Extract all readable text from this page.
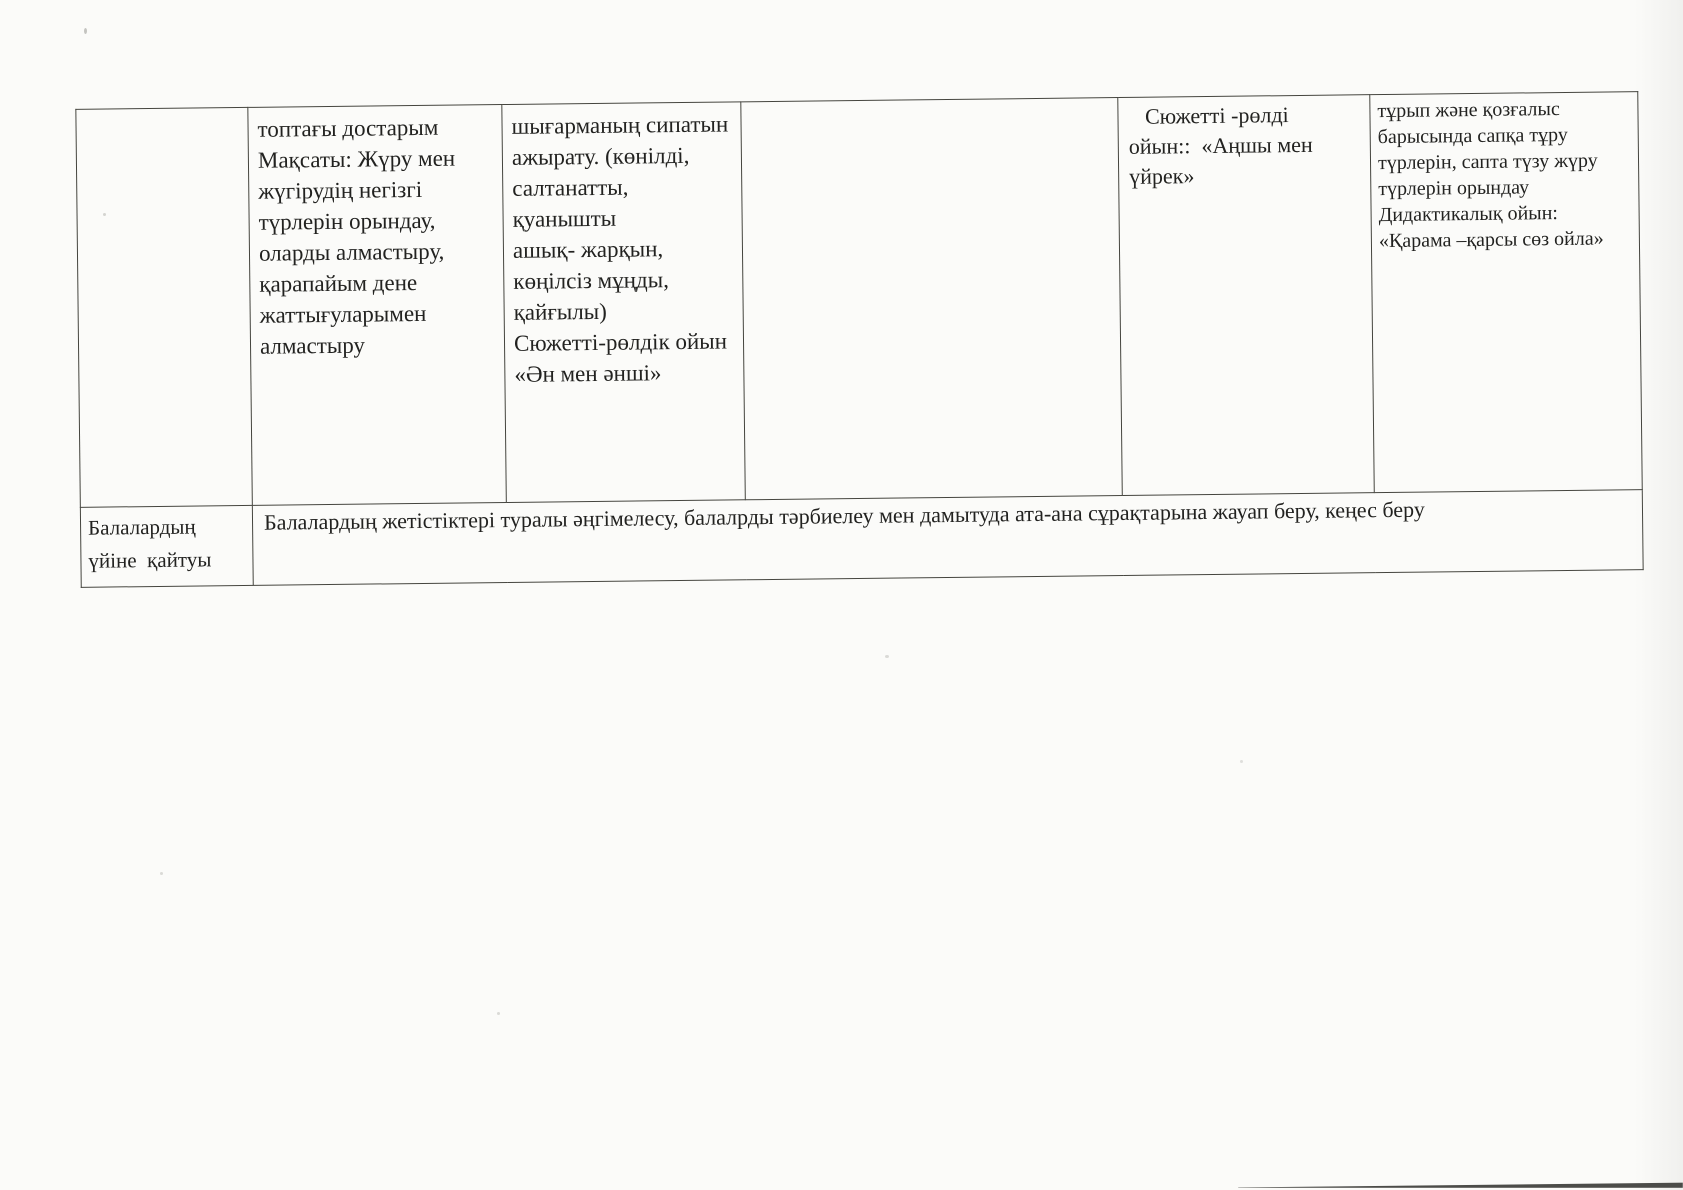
	топтағы достарым
Мақсаты: Жүру мен
жүгірудің негізгі
түрлерін орындау,
оларды алмастыру,
қарапайым дене
жаттығуларымен
алмастыру	шығарманың сипатын
ажырату. (көнілді,
салтанатты, қуанышты
ашық- жарқын,
көңілсіз мұңды,
қайғылы)
Сюжетті-рөлдік ойын
«Ән мен әнші»		Сюжетті -рөлді
ойын::  «Аңшы мен
үйрек»	тұрып және қозғалыс
барысында сапқа тұру
түрлерін, сапта түзу жүру
түрлерін орындау
Дидактикалық ойын:
«Қарама –қарсы сөз ойла»
Балалардың
үйіне  қайтуы	Балалардың жетістіктері туралы әңгімелесу, балалрды тәрбиелеу мен дамытуда ата-ана сұрақтарына жауап беру, кеңес беру				
